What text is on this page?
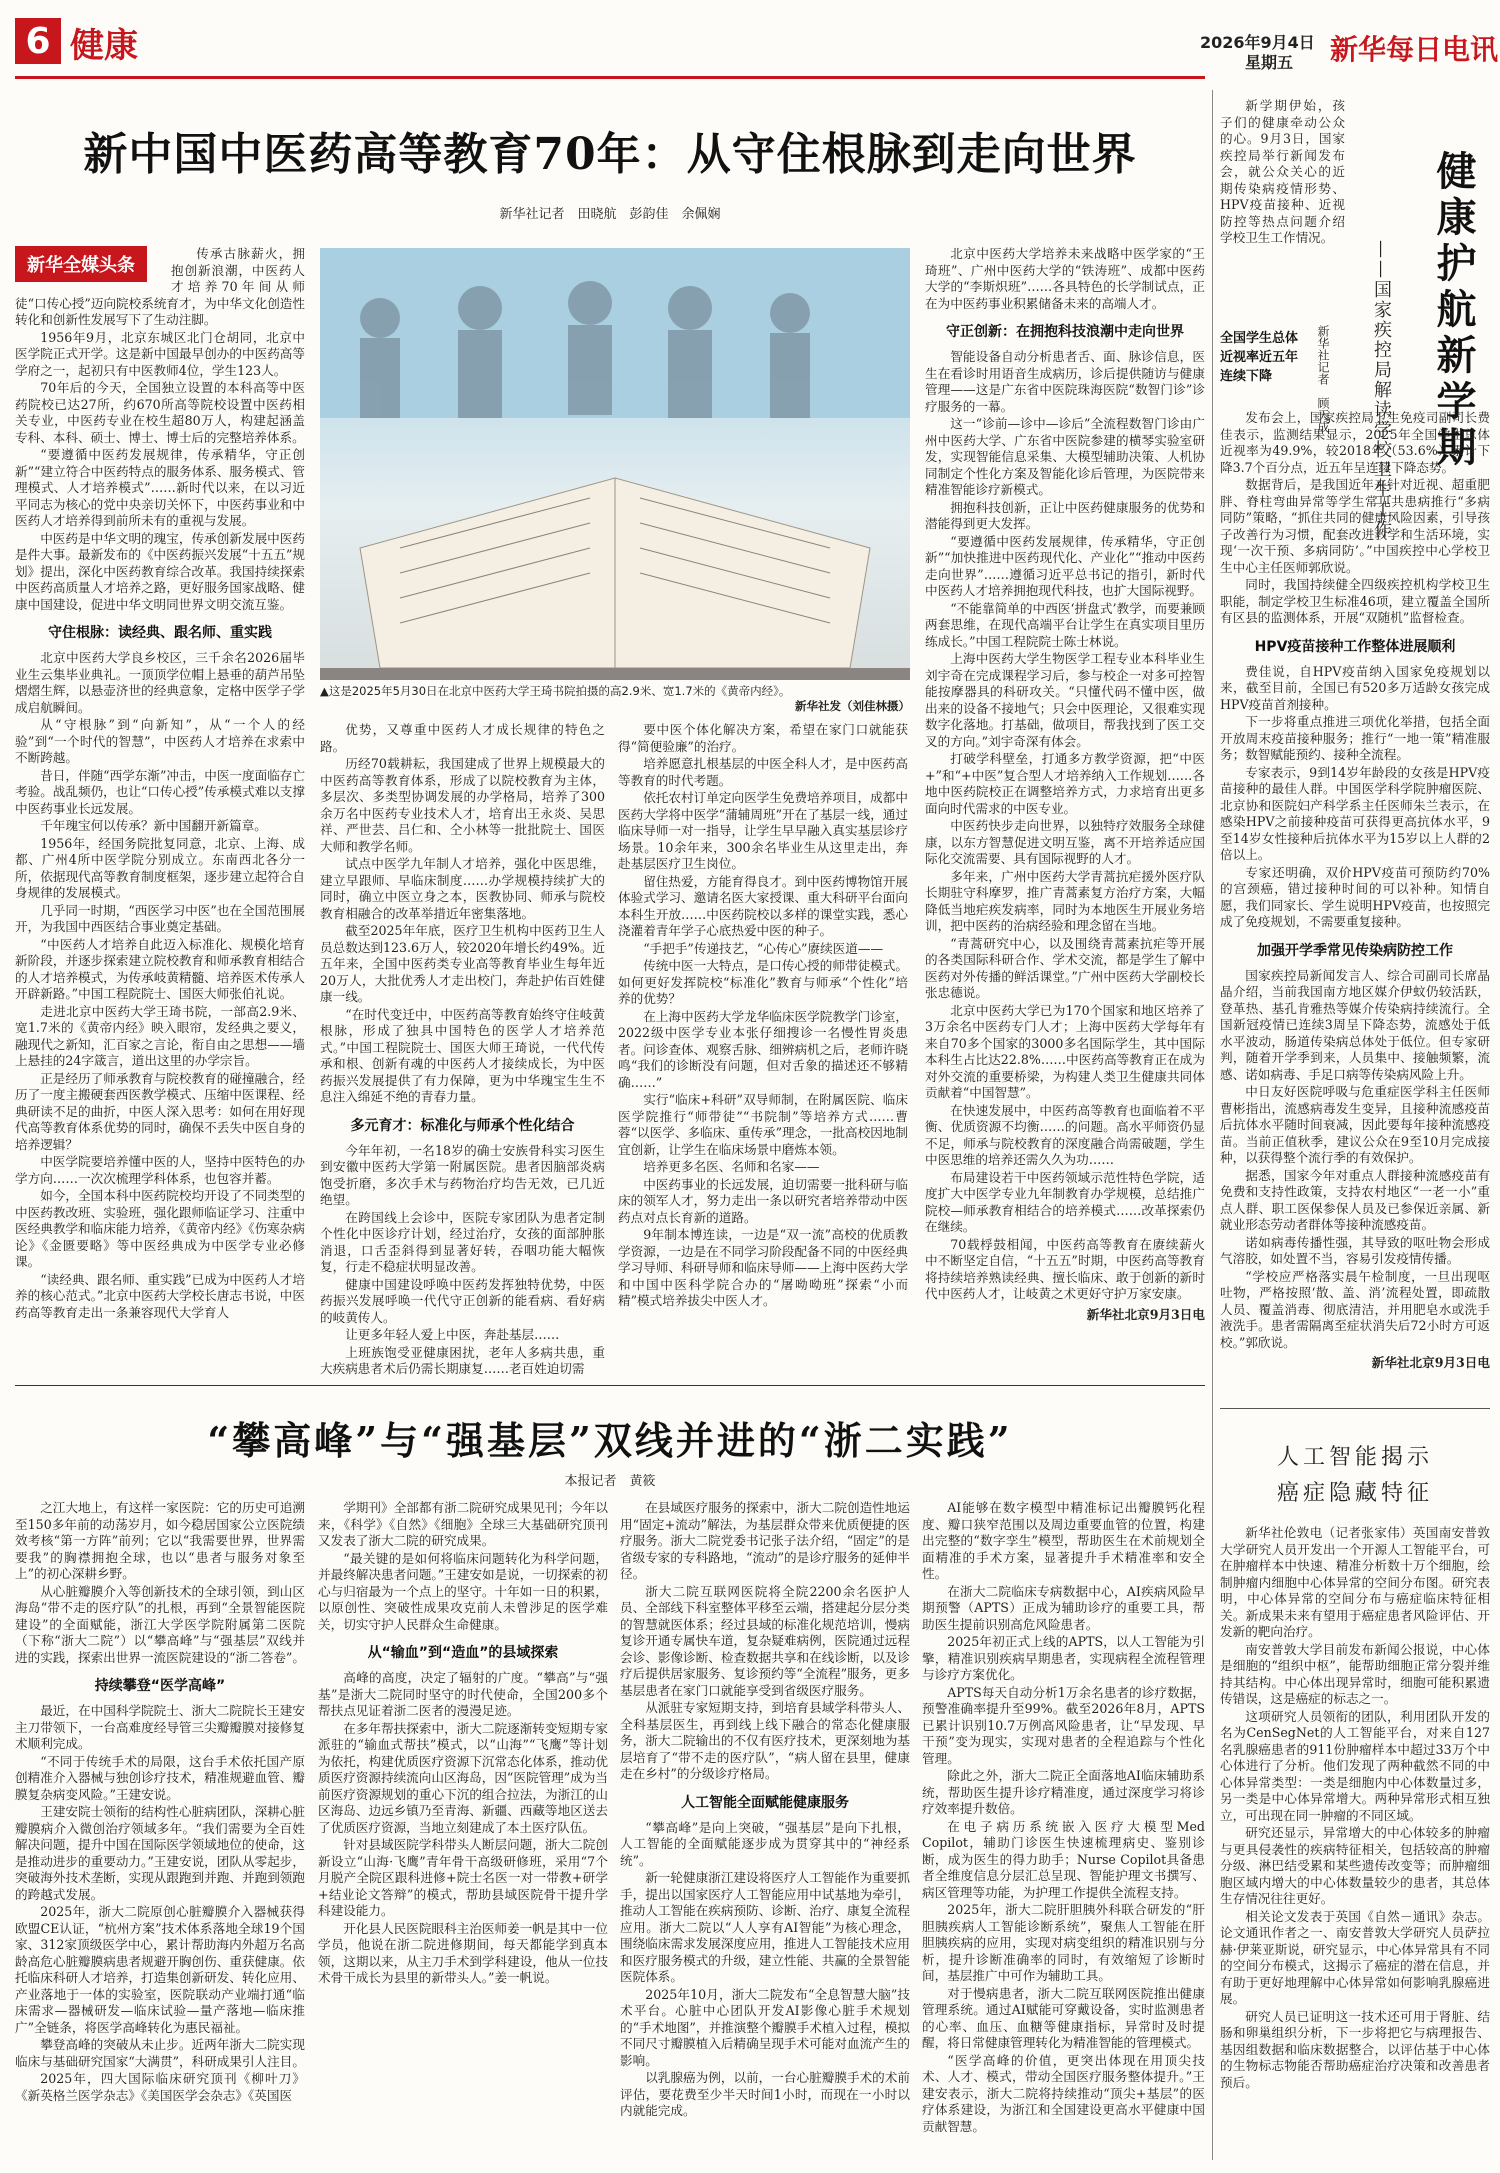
6 健康	2026年9月4日
星期五 新华每日电讯
新中国中医药高等教育70年：从守住根脉到走向世界
新华社记者　田晓航　彭韵佳　余佩娴
新华全媒头条

传承古脉薪火，拥抱创新浪潮，中医药人才培养70年间从师徒“口传心授”迈向院校系统育才，为中华文化创造性转化和创新性发展写下了生动注脚。

1956年9月，北京东城区北门仓胡同，北京中医学院正式开学。这是新中国最早创办的中医药高等学府之一，起初只有中医教师4位，学生123人。

70年后的今天，全国独立设置的本科高等中医药院校已达27所，约670所高等院校设置中医药相关专业，中医药专业在校生超80万人，构建起涵盖专科、本科、硕士、博士、博士后的完整培养体系。

“要遵循中医药发展规律，传承精华，守正创新”“建立符合中医药特点的服务体系、服务模式、管理模式、人才培养模式”……新时代以来，在以习近平同志为核心的党中央亲切关怀下，中医药事业和中医药人才培养得到前所未有的重视与发展。

中医药是中华文明的瑰宝，传承创新发展中医药是件大事。最新发布的《中医药振兴发展“十五五”规划》提出，深化中医药教育综合改革。我国持续探索中医药高质量人才培养之路，更好服务国家战略、健康中国建设，促进中华文明同世界文明交流互鉴。

守住根脉：读经典、跟名师、重实践

北京中医药大学良乡校区，三千余名2026届毕业生云集毕业典礼。一顶顶学位帽上悬垂的葫芦吊坠熠熠生辉，以悬壶济世的经典意象，定格中医学子学成启航瞬间。

从“守根脉”到“向新知”，从“一个人的经验”到“一个时代的智慧”，中医药人才培养在求索中不断跨越。

昔日，伴随“西学东渐”冲击，中医一度面临存亡考验。战乱频仍，也让“口传心授”传承模式难以支撑中医药事业长远发展。

千年瑰宝何以传承？新中国翻开新篇章。

1956年，经国务院批复同意，北京、上海、成都、广州4所中医学院分别成立。东南西北各分一所，依据现代高等教育制度框架，逐步建立起符合自身规律的发展模式。

几乎同一时期，“西医学习中医”也在全国范围展开，为我国中西医结合事业奠定基础。

“中医药人才培养自此迈入标准化、规模化培育新阶段，并逐步探索建立院校教育和师承教育相结合的人才培养模式，为传承岐黄精髓、培养医术传承人开辟新路。”中国工程院院士、国医大师张伯礼说。

走进北京中医药大学王琦书院，一部高2.9米、宽1.7米的《黄帝内经》映入眼帘，发经典之要义，融现代之新知，汇百家之言论，衔自由之思想——墙上悬挂的24字箴言，道出这里的办学宗旨。

正是经历了师承教育与院校教育的碰撞融合，经历了一度主搬硬套西医教学模式、压缩中医课程、经典研读不足的曲折，中医人深入思考：如何在用好现代高等教育体系优势的同时，确保不丢失中医自身的培养逻辑？

中医学院要培养懂中医的人，坚持中医特色的办学方向……一次次梳理学科体系，也包容并蓄。

如今，全国本科中医药院校均开设了不同类型的中医药教改班、实验班，强化跟师临证学习、注重中医经典教学和临床能力培养，《黄帝内经》《伤寒杂病论》《金匮要略》等中医经典成为中医学专业必修课。

“读经典、跟名师、重实践”已成为中医药人才培养的核心范式。”北京中医药大学校长唐志书说，中医药高等教育走出一条兼容现代大学育人

▲这是2025年5月30日在北京中医药大学王琦书院拍摄的高2.9米、宽1.7米的《黄帝内经》。
新华社发（刘佳林摄）

优势，又尊重中医药人才成长规律的特色之路。

历经70载耕耘，我国建成了世界上规模最大的中医药高等教育体系，形成了以院校教育为主体，多层次、多类型协调发展的办学格局，培养了300余万名中医药专业技术人才，培育出王永炎、吴思祥、严世芸、吕仁和、仝小林等一批批院士、国医大师和教学名师。

试点中医学九年制人才培养，强化中医思维，建立早跟师、早临床制度……办学规模持续扩大的同时，确立中医立身之本，医教协同、师承与院校教育相融合的改革举措近年密集落地。

截至2025年年底，医疗卫生机构中医药卫生人员总数达到123.6万人，较2020年增长约49%。近五年来，全国中医药类专业高等教育毕业生每年近20万人，大批优秀人才走出校门，奔赴护佑百姓健康一线。

“在时代变迁中，中医药高等教育始终守住岐黄根脉，形成了独具中国特色的医学人才培养范式。”中国工程院院士、国医大师王琦说，一代代传承和根、创新有魂的中医药人才接续成长，为中医药振兴发展提供了有力保障，更为中华瑰宝生生不息注入绵延不绝的青春力量。

多元育才：标准化与师承个性化结合

今年年初，一名18岁的确士安族骨科实习医生到安徽中医药大学第一附属医院。患者因脑部炎病饱受折磨，多次手术与药物治疗均告无效，已几近绝望。

在跨国线上会诊中，医院专家团队为患者定制个性化中医诊疗计划，经过治疗，女孩的面部肿胀消退，口舌歪斜得到显著好转，吞咽功能大幅恢复，行走不稳症状明显改善。

健康中国建设呼唤中医药发挥独特优势，中医药振兴发展呼唤一代代守正创新的能看病、看好病的岐黄传人。

让更多年轻人爱上中医，奔赴基层……

上班族饱受亚健康困扰，老年人多病共患，重大疾病患者术后仍需长期康复……老百姓迫切需

要中医个体化解决方案，希望在家门口就能获得“简便验廉”的治疗。

培养愿意扎根基层的中医全科人才，是中医药高等教育的时代考题。

依托农村订单定向医学生免费培养项目，成都中医药大学将中医学“蒲辅周班”开在了基层一线，通过临床导师一对一指导，让学生早早融入真实基层诊疗场景。10余年来，300余名毕业生从这里走出，奔赴基层医疗卫生岗位。

留住热爱，方能育得良才。到中医药博物馆开展体验式学习、邀请名医大家授课、重大科研平台面向本科生开放……中医药院校以多样的课堂实践，悉心浇灌着青年学子心底热爱中医的种子。

“手把手”传递技艺，“心传心”赓续医道——

传统中医一大特点，是口传心授的师带徒模式。如何更好发挥院校“标准化”教育与师承“个性化”培养的优势？

在上海中医药大学龙华临床医学院教学门诊室，2022级中医学专业本张仔细搜诊一名慢性胃炎患者。问诊查体、观察舌脉、细辨病机之后，老师许晓鸣“我们的诊断没有问题，但对舌象的描述还不够精确……”

实行“临床+科研”双导师制，在附属医院、临床医学院推行“师带徒”“书院制”等培养方式……曹蓉“以医学、多临床、重传承”理念，一批高校因地制宜创新，让学生在临床场景中磨炼本领。

培养更多名医、名师和名家——

中医药事业的长远发展，迫切需要一批科研与临床的领军人才，努力走出一条以研究者培养带动中医药点对点长育新的道路。

9年制本博连读，一边是“双一流”高校的优质教学资源，一边是在不同学习阶段配备不同的中医经典学习导师、科研导师和临床导师——上海中医药大学和中国中医科学院合办的“屠呦呦班”探索“小而精”模式培养拔尖中医人才。

北京中医药大学培养未来战略中医学家的“王琦班”、广州中医药大学的“铁涛班”、成都中医药大学的“李斯炽班”……各具特色的长学制试点，正在为中医药事业积累储备未来的高端人才。

守正创新：在拥抱科技浪潮中走向世界

智能设备自动分析患者舌、面、脉诊信息，医生在看诊时用语音生成病历，诊后提供随访与健康管理——这是广东省中医院珠海医院“数智门诊”诊疗服务的一幕。

这一“诊前—诊中—诊后”全流程数智门诊由广州中医药大学、广东省中医院参建的横琴实验室研发，实现智能信息采集、大模型辅助决策、人机协同制定个性化方案及智能化诊后管理，为医院带来精准智能诊疗新模式。

拥抱科技创新，正让中医药健康服务的优势和潜能得到更大发挥。

“要遵循中医药发展规律，传承精华，守正创新”“加快推进中医药现代化、产业化”“推动中医药走向世界”……遵循习近平总书记的指引，新时代中医药人才培养拥抱现代科技，也扩大国际视野。

“不能靠简单的中西医‘拼盘式’教学，而要兼顾两套思维，在现代高端平台让学生在真实项目里历练成长。”中国工程院院士陈士林说。

上海中医药大学生物医学工程专业本科毕业生刘宇奇在完成课程学习后，参与校企一对多可控智能按摩器具的科研攻关。“只懂代码不懂中医，做出来的设备不接地气；只会中医理论，又很难实现数字化落地。打基础，做项目，帮我找到了医工交叉的方向。”刘宇奇深有体会。

打破学科壁垒，打通多方教学资源，把“中医+”和“+中医”复合型人才培养纳入工作规划……各地中医药院校正在调整培养方式，力求培育出更多面向时代需求的中医专业。

中医药快步走向世界，以独特疗效服务全球健康，以东方智慧促进文明互鉴，离不开培养适应国际化交流需要、具有国际视野的人才。

多年来，广州中医药大学青蒿抗疟援外医疗队长期驻守科摩罗，推广青蒿素复方治疗方案，大幅降低当地疟疾发病率，同时为本地医生开展业务培训，把中医药的治病经验和理念留在当地。

“青蒿研究中心，以及围绕青蒿素抗疟等开展的各类国际科研合作、学术交流，都是学生了解中医药对外传播的鲜活课堂。”广州中医药大学副校长张忠德说。

北京中医药大学已为170个国家和地区培养了3万余名中医药专门人才；上海中医药大学每年有来自70多个国家的3000多名国际学生，其中国际本科生占比达22.8%……中医药高等教育正在成为对外交流的重要桥梁，为构建人类卫生健康共同体贡献着“中国智慧”。

在快速发展中，中医药高等教育也面临着不平衡、优质资源不均衡……的问题。高水平师资仍显不足，师承与院校教育的深度融合尚需破题，学生中医思维的培养还需久久为功……

布局建设若干中医药领域示范性特色学院，适度扩大中医学专业九年制教育办学规模，总结推广院校—师承教育相结合的培养模式……改革探索仍在继续。

70载桴鼓相闻，中医药高等教育在赓续薪火中不断坚定自信，“十五五”时期，中医药高等教育将持续培养熟读经典、擅长临床、敢于创新的新时代中医药人才，让岐黄之术更好守护万家安康。

新华社北京9月3日电

新学期伊始，孩子们的健康牵动公众的心。9月3日，国家疾控局举行新闻发布会，就公众关心的近期传染病疫情形势、HPV疫苗接种、近视防控等热点问题介绍学校卫生工作情况。	健康护航新学期
——国家疾控局解读学校卫生工作
新华社记者　顾天成
全国学生总体近视率近五年连续下降

发布会上，国家疾控局卫生免疫司副司长费佳表示，监测结果显示，2025年全国学生总体近视率为49.9%，较2018年（53.6%）累计下降3.7个百分点，近五年呈连续下降态势。

数据背后，是我国近年来针对近视、超重肥胖、脊柱弯曲异常等学生常见共患病推行“多病同防”策略，“抓住共同的健康风险因素，引导孩子改善行为习惯，配套改进教学和生活环境，实现‘一次干预、多病同防’。”中国疾控中心学校卫生中心主任医师郭欣说。

同时，我国持续健全四级疾控机构学校卫生职能，制定学校卫生标准46项，建立覆盖全国所有区县的监测体系，开展“双随机”监督检查。

HPV疫苗接种工作整体进展顺利

费佳说，自HPV疫苗纳入国家免疫规划以来，截至目前，全国已有520多万适龄女孩完成HPV疫苗首剂接种。

下一步将重点推进三项优化举措，包括全面开放周末疫苗接种服务；推行“一地一策”精准服务；数智赋能预约、接种全流程。

专家表示，9到14岁年龄段的女孩是HPV疫苗接种的最佳人群。中国医学科学院肿瘤医院、北京协和医院妇产科学系主任医师朱兰表示，在感染HPV之前接种疫苗可获得更高抗体水平，9至14岁女性接种后抗体水平为15岁以上人群的2倍以上。

专家还明确，双价HPV疫苗可预防约70%的宫颈癌，错过接种时间的可以补种。知情自愿，我们同家长、学生说明HPV疫苗，也按照完成了免疫规划，不需要重复接种。

加强开学季常见传染病防控工作

国家疾控局新闻发言人、综合司副司长席晶晶介绍，当前我国南方地区媒介伊蚊仍较活跃，登革热、基孔肯雅热等媒介传染病持续流行。全国新冠疫情已连续3周呈下降态势，流感处于低水平波动，肠道传染病总体处于低位。但专家研判，随着开学季到来，人员集中、接触频繁，流感、诺如病毒、手足口病等传染病风险上升。

中日友好医院呼吸与危重症医学科主任医师曹彬指出，流感病毒发生变异，且接种流感疫苗后抗体水平随时间衰减，因此要每年接种流感疫苗。当前正值秋季，建议公众在9至10月完成接种，以获得整个流行季的有效保护。

据悉，国家今年对重点人群接种流感疫苗有免费和支持性政策，支持农村地区“一老一小”重点人群、职工医保参保人员及已参保近亲属、新就业形态劳动者群体等接种流感疫苗。

诺如病毒传播性强，其导致的呕吐物会形成气溶胶，如处置不当，容易引发疫情传播。

“学校应严格落实晨午检制度，一旦出现呕吐物，严格按照‘散、盖、消’流程处置，即疏散人员、覆盖消毒、彻底清洁，并用肥皂水或洗手液洗手。患者需隔离至症状消失后72小时方可返校。”郭欣说。

新华社北京9月3日电
“攀高峰”与“强基层”双线并进的“浙二实践”
本报记者　黄筱

之江大地上，有这样一家医院：它的历史可追溯至150多年前的动荡岁月，如今稳居国家公立医院绩效考核“第一方阵”前列；它以“我需要世界，世界需要我”的胸襟拥抱全球，也以“患者与服务对象至上”的初心深耕乡野。

从心脏瓣膜介入等创新技术的全球引领，到山区海岛“带不走的医疗队”的扎根，再到“全景智能医院建设”的全面赋能，浙江大学医学院附属第二医院（下称“浙大二院”）以“攀高峰”与“强基层”双线并进的实践，探索出世界一流医院建设的“浙二答卷”。

持续攀登“医学高峰”

最近，在中国科学院院士、浙大二院院长王建安主刀带领下，一台高难度经导管三尖瓣瓣膜对接修复术顺利完成。

“不同于传统手术的局限，这台手术依托国产原创精准介入器械与独创诊疗技术，精准规避血管、瓣膜复杂病变风险。”王建安说。

王建安院士领衔的结构性心脏病团队，深耕心脏瓣膜病介入微创治疗领域多年。“我们需要为全百姓解决问题，提升中国在国际医学领域地位的使命，这是推动进步的重要动力。”王建安说，团队从零起步，突破海外技术垄断，实现从跟跑到并跑、并跑到领跑的跨越式发展。

2025年，浙大二院原创心脏瓣膜介入器械获得欧盟CE认证，“杭州方案”技术体系落地全球19个国家、312家顶级医学中心，累计帮助海内外超万名高龄高危心脏瓣膜病患者规避开胸创伤、重获健康。依托临床科研人才培养，打造集创新研发、转化应用、产业落地于一体的实验室，医院联动产业端打通“临床需求—器械研发—临床试验—量产落地—临床推广”全链条，将医学高峰转化为惠民福祉。

攀登高峰的突破从未止步。近两年浙大二院实现临床与基础研究国家“大满贯”，科研成果引人注目。

2025年，四大国际临床研究顶刊《柳叶刀》《新英格兰医学杂志》《美国医学会杂志》《英国医

学期刊》全部都有浙二院研究成果见刊；今年以来，《科学》《自然》《细胞》全球三大基础研究顶刊又发表了浙大二院的研究成果。

“最关键的是如何将临床问题转化为科学问题，并最终解决患者问题。”王建安如是说，一切探索的初心与归宿最为一个点上的坚守。十年如一日的积累，以原创性、突破性成果攻克前人未曾涉足的医学难关，切实守护人民群众生命健康。

从“输血”到“造血”的县域探索

高峰的高度，决定了辐射的广度。“攀高”与“强基”是浙大二院同时坚守的时代使命，全国200多个帮扶点见证着浙二医者的漫漫足迹。

在多年帮扶探索中，浙大二院逐渐转变短期专家派驻的“输血式帮扶”模式，以“山海”“飞鹰”等计划为依托，构建优质医疗资源下沉常态化体系，推动优质医疗资源持续流向山区海岛，因“医院管理”成为当前医疗资源规划的重心下沉的组合拉法，为浙江的山区海岛、边远乡镇乃至青海、新疆、西藏等地区送去了优质医疗资源，当地立刻建成了本土医疗队伍。

针对县域医院学科带头人断层问题，浙大二院创新设立“山海·飞鹰”青年骨干高级研修班，采用“7个月脱产全院区跟科进修+院士名医一对一带教+研学+结业论文答辩”的模式，帮助县域医院骨干提升学科建设能力。

开化县人民医院眼科主治医师姜一帆是其中一位学员，他说在浙二院进修期间，每天都能学到真本领，这期以来，从主刀手术到学科建设，他从一位技术骨干成长为县里的新带头人。”姜一帆说。

在县域医疗服务的探索中，浙大二院创造性地运用“固定+流动”解法，为基层群众带来优质便捷的医疗服务。浙大二院党委书记张子法介绍，“固定”的是省级专家的专科路地，“流动”的是诊疗服务的延伸半径。

浙大二院互联网医院将全院2200余名医护人员、全部线下科室整体平移至云端，搭建起分层分类的智慧就医体系；经过县域的标准化规范培训，慢病复诊开通专属快车道，复杂疑难病例，医院通过远程会诊、影像诊断、检查数据共享和在线诊断，以及诊疗后提供居家服务、复诊预约等“全流程”服务，更多基层患者在家门口就能享受到省级医疗服务。

从派驻专家短期支持，到培育县域学科带头人、全科基层医生，再到线上线下融合的常态化健康服务，浙大二院输出的不仅有医疗技术，更深刻地为基层培育了“带不走的医疗队”，“病人留在县里，健康走在乡村”的分级诊疗格局。

人工智能全面赋能健康服务

“攀高峰”是向上突破，“强基层”是向下扎根，人工智能的全面赋能逐步成为贯穿其中的“神经系统”。

新一轮健康浙江建设将医疗人工智能作为重要抓手，提出以国家医疗人工智能应用中试基地为牵引，推动人工智能在疾病预防、诊断、治疗、康复全流程应用。浙大二院以“人人享有AI智能”为核心理念，围绕临床需求发展深度应用，推进人工智能技术应用和医疗服务模式的升级，建立性能、共赢的全景智能医院体系。

2025年10月，浙大二院发布“全息智慧大脑”技术平台。心脏中心团队开发AI影像心脏手术规划的“手术地图”，并推演整个瓣膜手术植入过程，模拟不同尺寸瓣膜植入后精确呈现手术可能对血流产生的影响。

以乳腺癌为例，以前，一台心脏瓣膜手术的术前评估，要花费至少半天时间1小时，而现在一小时以内就能完成。

AI能够在数字模型中精准标记出瓣膜钙化程度、瓣口狭窄范围以及周边重要血管的位置，构建出完整的“数字孪生”模型，帮助医生在术前规划全面精准的手术方案，显著提升手术精准率和安全性。

在浙大二院临床专病数据中心，AI疾病风险早期预警（APTS）正成为辅助诊疗的重要工具，帮助医生提前识别高危风险患者。

2025年初正式上线的APTS，以人工智能为引擎，精准识别疾病早期患者，实现病程全流程管理与诊疗方案优化。

APTS每天自动分析1万余名患者的诊疗数据，预警准确率提升至99%。截至2026年8月，APTS已累计识别10.7万例高风险患者，让“早发现、早干预”变为现实，实现对患者的全程追踪与个性化管理。

除此之外，浙大二院正全面落地AI临床辅助系统，帮助医生提升诊疗精准度，通过深度学习将诊疗效率提升数倍。

在电子病历系统嵌入医疗大模型Med Copilot，辅助门诊医生快速梳理病史、鉴别诊断，成为医生的得力助手；Nurse Copilot具备患者全维度信息分层汇总呈现、智能护理文书撰写、病区管理等功能，为护理工作提供全流程支持。

2025年，浙大二院肝胆胰外科联合研发的“肝胆胰疾病人工智能诊断系统”，聚焦人工智能在肝胆胰疾病的应用，实现对病变组织的精准识别与分析，提升诊断准确率的同时，有效缩短了诊断时间，基层推广中可作为辅助工具。

对于慢病患者，浙大二院互联网医院推出健康管理系统。通过AI赋能可穿戴设备，实时监测患者的心率、血压、血糖等健康指标，异常时及时提醒，将日常健康管理转化为精准智能的管理模式。

“医学高峰的价值，更突出体现在用顶尖技术、人才、模式，带动全国医疗服务整体提升。”王建安表示，浙大二院将持续推动“顶尖+基层”的医疗体系建设，为浙江和全国建设更高水平健康中国贡献智慧。

人工智能揭示
癌症隐藏特征

新华社伦敦电（记者张家伟）英国南安普敦大学研究人员开发出一个开源人工智能平台，可在肿瘤样本中快速、精准分析数十万个细胞，绘制肿瘤内细胞中心体异常的空间分布图。研究表明，中心体异常的空间分布与癌症临床特征相关。新成果未来有望用于癌症患者风险评估、开发新的靶向治疗。

南安普敦大学目前发布新闻公报说，中心体是细胞的“组织中枢”，能帮助细胞正常分裂并维持其结构。中心体出现异常时，细胞可能积累遗传错误，这是癌症的标志之一。

这项研究人员领衔的团队，利用团队开发的名为CenSegNet的人工智能平台，对来自127名乳腺癌患者的911份肿瘤样本中超过33万个中心体进行了分析。他们发现了两种截然不同的中心体异常类型：一类是细胞内中心体数量过多，另一类是中心体异常增大。两种异常形式相互独立，可出现在同一肿瘤的不同区域。

研究还显示，异常增大的中心体较多的肿瘤与更具侵袭性的疾病特征相关，包括较高的肿瘤分级、淋巴结受累和某些遗传改变等；而肿瘤细胞区域内增大的中心体数量较少的患者，其总体生存情况往往更好。

相关论文发表于英国《自然－通讯》杂志。论文通讯作者之一、南安普敦大学研究人员萨拉赫·伊莱亚斯说，研究显示，中心体异常具有不同的空间分布模式，这揭示了癌症的潜在信息，并有助于更好地理解中心体异常如何影响乳腺癌进展。

研究人员已证明这一技术还可用于肾脏、结肠和卵巢组织分析，下一步将把它与病理报告、基因组数据和临床数据整合，以评估基于中心体的生物标志物能否帮助癌症治疗决策和改善患者预后。
